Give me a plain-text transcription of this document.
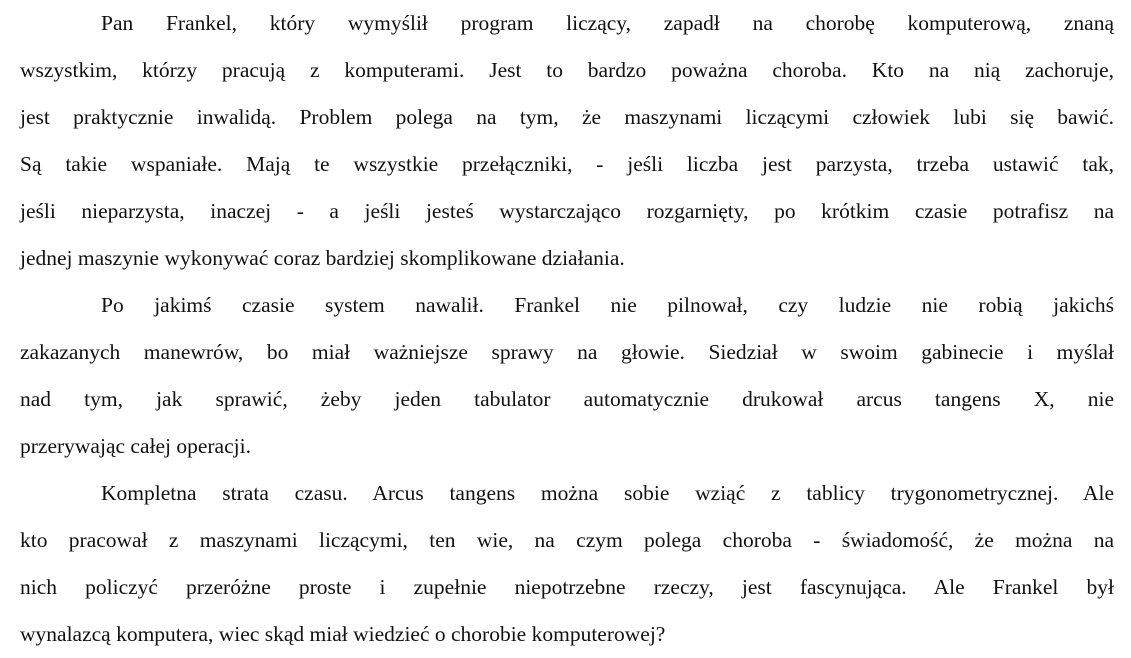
Pan Frankel, który wymyślił program liczący, zapadł na chorobę komputerową, znaną
wszystkim, którzy pracują z komputerami. Jest to bardzo poważna choroba. Kto na nią zachoruje,
jest praktycznie inwalidą. Problem polega na tym, że maszynami liczącymi człowiek lubi się bawić.
Są takie wspaniałe. Mają te wszystkie przełączniki, - jeśli liczba jest parzysta, trzeba ustawić tak,
jeśli nieparzysta, inaczej - a jeśli jesteś wystarczająco rozgarnięty, po krótkim czasie potrafisz na
jednej maszynie wykonywać coraz bardziej skomplikowane działania.

Po jakimś czasie system nawalił. Frankel nie pilnował, czy ludzie nie robią jakichś
zakazanych manewrów, bo miał ważniejsze sprawy na głowie. Siedział w swoim gabinecie i myślał
nad tym, jak sprawić, żeby jeden tabulator automatycznie drukował arcus tangens X, nie
przerywając całej operacji.

Kompletna strata czasu. Arcus tangens można sobie wziąć z tablicy trygonometrycznej. Ale
kto pracował z maszynami liczącymi, ten wie, na czym polega choroba - świadomość, że można na
nich policzyć przeróżne proste i zupełnie niepotrzebne rzeczy, jest fascynująca. Ale Frankel był
wynalazcą komputera, wiec skąd miał wiedzieć o chorobie komputerowej?
